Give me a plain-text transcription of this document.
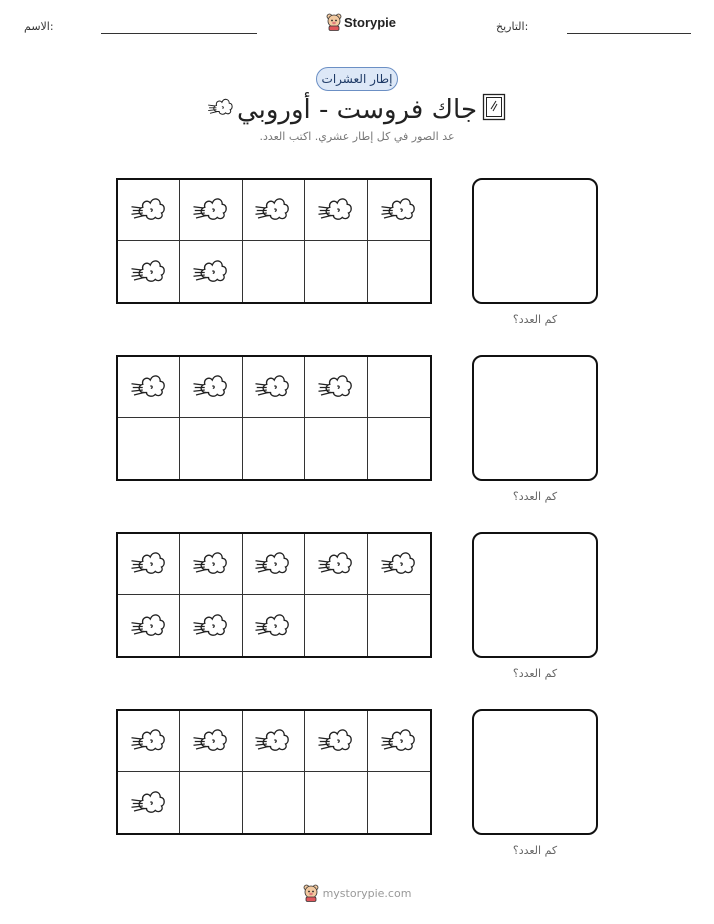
الاسم:	Storypie	التاريخ:
إطار العشرات
جاك فروست - أوروبي
عد الصور في كل إطار عشري. اكتب العدد.
كم العدد؟
كم العدد؟
كم العدد؟
كم العدد؟
mystorypie.com
